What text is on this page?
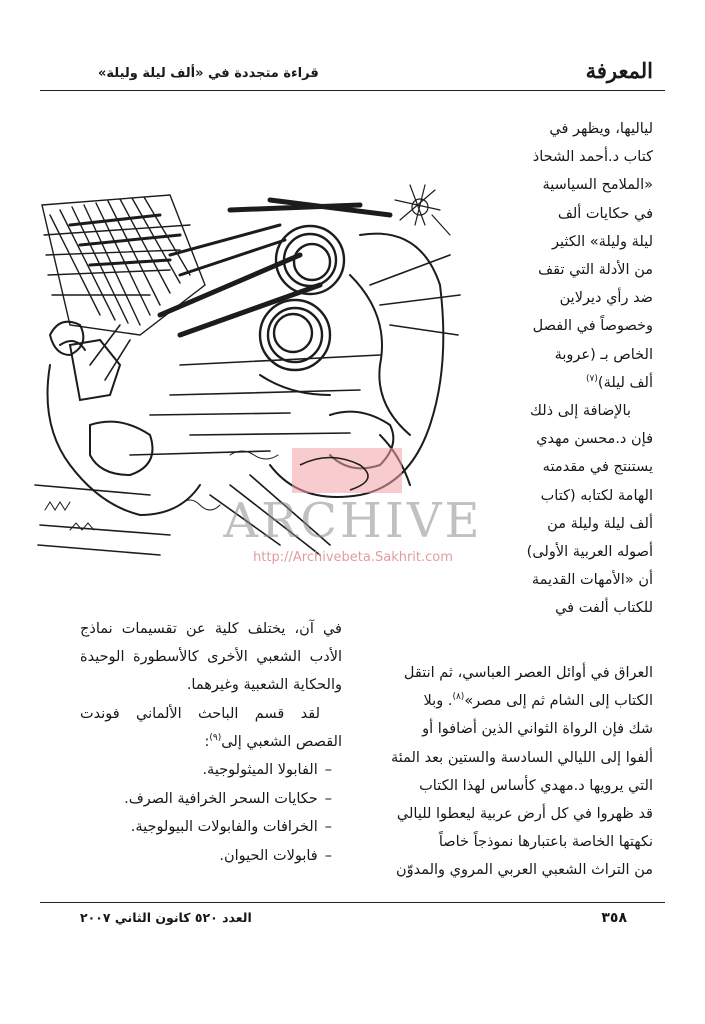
المعرفة
قراءة متجددة في «ألف ليلة وليلة»

لياليها، ويظهر في

كتاب د.أحمد الشحاذ

«الملامح السياسية

في حكايات ألف

ليلة وليلة» الكثير

من الأدلة التي تقف

ضد رأي ديرلاين

وخصوصاً في الفصل

الخاص بـ (عروبة

ألف ليلة)$^{(٧)}$

بالإضافة إلى ذلك

فإن د.محسن مهدي

يستنتج في مقدمته

الهامة لكتابه (كتاب

ألف ليلة وليلة من

أصوله العربية الأولى)

أن «الأمهات القديمة

للكتاب ألفت في

ARCHIVE
http://Archivebeta.Sakhrit.com

في آن، يختلف كلية عن تقسيمات نماذج الأدب الشعبي الأخرى كالأسطورة الوحيدة والحكاية الشعبية وغيرهما.

لقد قسم الباحث الألماني فوندت القصص الشعبي إلى$^{(٩)}$:

–الفابولا الميثولوجية.
–حكايات السحر الخرافية الصرف.
–الخرافات والفابولات البيولوجية.
–فابولات الحيوان.

العراق في أوائل العصر العباسي، ثم انتقل

الكتاب إلى الشام ثم إلى مصر»$^{(٨)}$. وبلا

شك فإن الرواة الثواني الذين أضافوا أو

ألفوا إلى الليالي السادسة والستين بعد المئة

التي يرويها د.مهدي كأساس لهذا الكتاب

قد ظهروا في كل أرض عربية ليعطوا لليالي

نكهتها الخاصة باعتبارها نموذجاً خاصاً

من التراث الشعبي العربي المروي والمدوّن

٣٥٨
العدد ٥٢٠ كانون الثاني ٢٠٠٧
